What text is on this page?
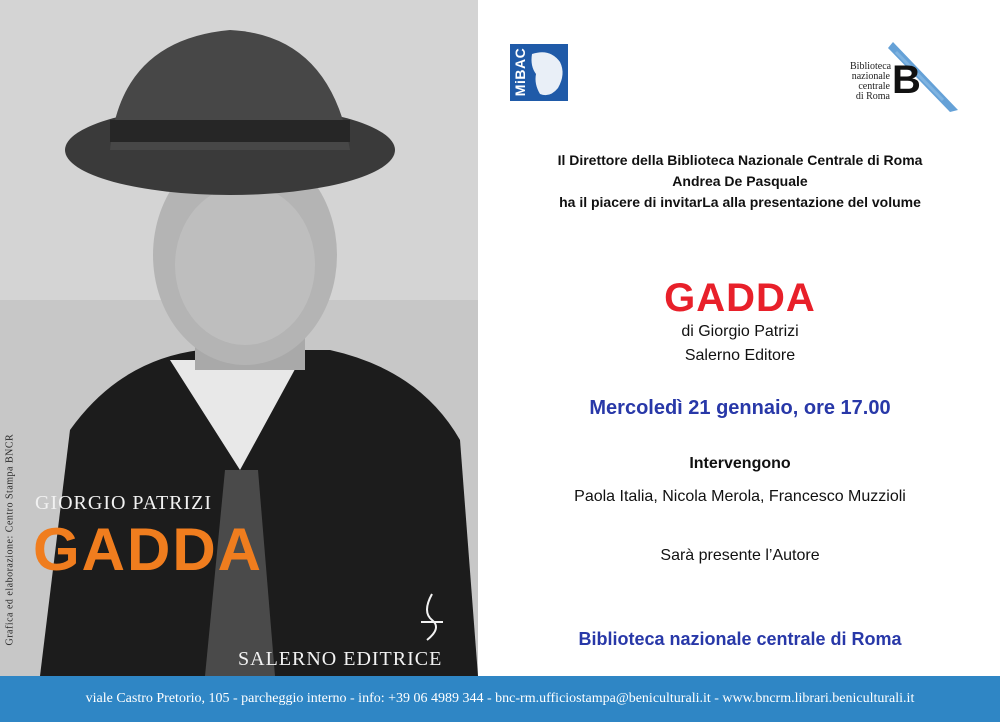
Grafica ed elaborazione: Centro Stampa BNCR GIORGIO PATRIZI
GADDA
SALERNO EDITRICE
MiBAC	Biblioteca nazionale centrale di Roma B
Il Direttore della Biblioteca Nazionale Centrale di Roma
Andrea De Pasquale
ha il piacere di invitarLa alla presentazione del volume
GADDA
di Giorgio Patrizi
Salerno Editore
Mercoledì 21 gennaio, ore 17.00
Intervengono
Paola Italia, Nicola Merola, Francesco Muzzioli
Sarà presente l’Autore
Biblioteca nazionale centrale di Roma
viale Castro Pretorio, 105 - parcheggio interno - info: +39 06 4989 344 - bnc-rm.ufficiostampa@beniculturali.it - www.bncrm.librari.beniculturali.it
